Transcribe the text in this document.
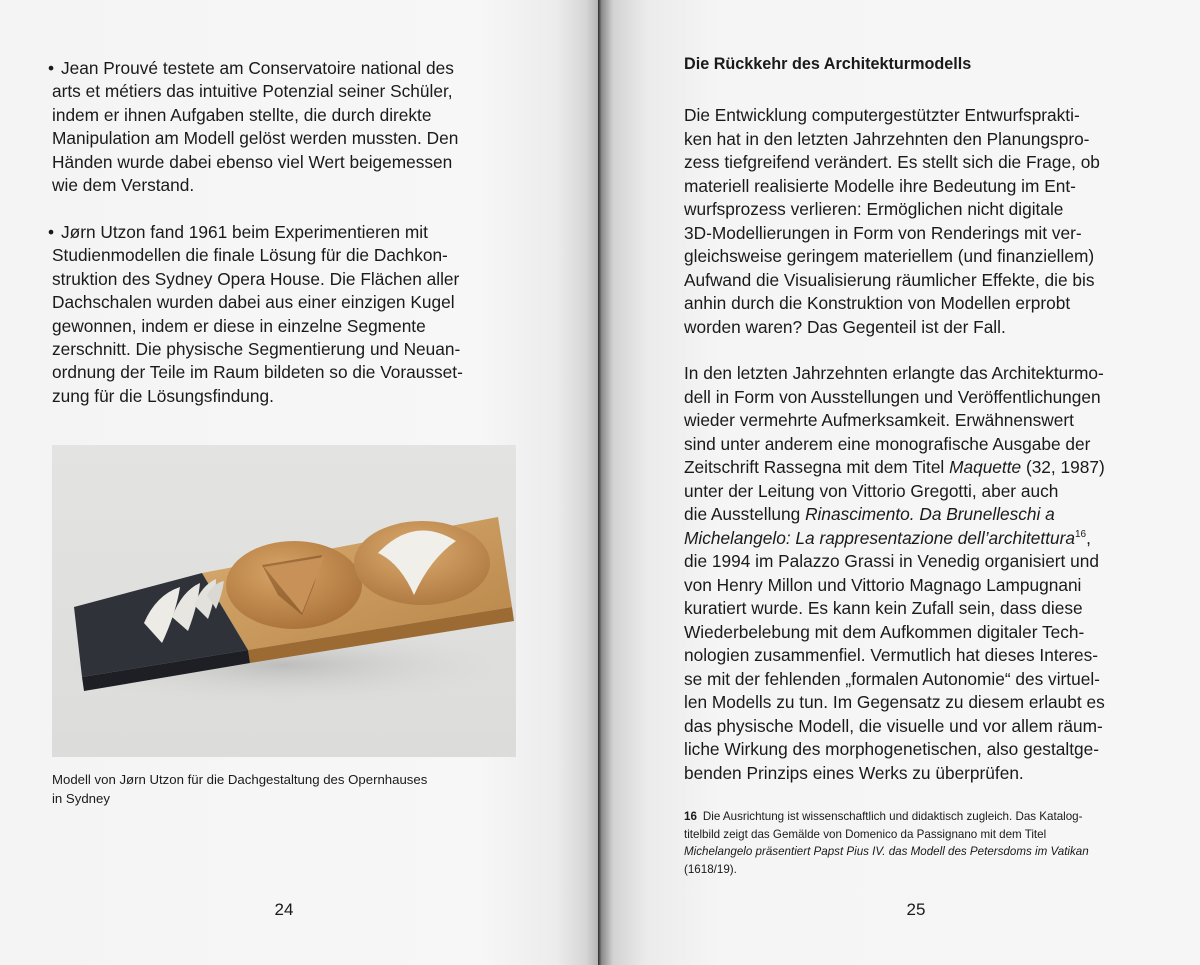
• Jean Prouvé testete am Conservatoire national des
arts et métiers das intuitive Potenzial seiner Schüler,
indem er ihnen Aufgaben stellte, die durch direkte
Manipulation am Modell gelöst werden mussten. Den
Händen wurde dabei ebenso viel Wert beigemessen
wie dem Verstand.

• Jørn Utzon fand 1961 beim Experimentieren mit
Studienmodellen die finale Lösung für die Dachkon-
struktion des Sydney Opera House. Die Flächen aller
Dachschalen wurden dabei aus einer einzigen Kugel
gewonnen, indem er diese in einzelne Segmente
zerschnitt. Die physische Segmentierung und Neuan-
ordnung der Teile im Raum bildeten so die Vorausset-
zung für die Lösungsfindung.

Modell von Jørn Utzon für die Dachgestaltung des Opernhauses
in Sydney

24
Die Rückkehr des Architekturmodells

Die Entwicklung computergestützter Entwurfsprakti-
ken hat in den letzten Jahrzehnten den Planungspro-
zess tiefgreifend verändert. Es stellt sich die Frage, ob
materiell realisierte Modelle ihre Bedeutung im Ent-
wurfsprozess verlieren: Ermöglichen nicht digitale
3D-Modellierungen in Form von Renderings mit ver-
gleichsweise geringem materiellem (und finanziellem)
Aufwand die Visualisierung räumlicher Effekte, die bis
anhin durch die Konstruktion von Modellen erprobt
worden waren? Das Gegenteil ist der Fall.

In den letzten Jahrzehnten erlangte das Architekturmo-
dell in Form von Ausstellungen und Veröffentlichungen
wieder vermehrte Aufmerksamkeit. Erwähnenswert
sind unter anderem eine monografische Ausgabe der
Zeitschrift Rassegna mit dem Titel Maquette (32, 1987)
unter der Leitung von Vittorio Gregotti, aber auch
die Ausstellung Rinascimento. Da Brunelleschi a
Michelangelo: La rappresentazione dell’architettura$^{16}$,
die 1994 im Palazzo Grassi in Venedig organisiert und
von Henry Millon und Vittorio Magnago Lampugnani
kuratiert wurde. Es kann kein Zufall sein, dass diese
Wiederbelebung mit dem Aufkommen digitaler Tech-
nologien zusammenfiel. Vermutlich hat dieses Interes-
se mit der fehlenden „formalen Autonomie“ des virtuel-
len Modells zu tun. Im Gegensatz zu diesem erlaubt es
das physische Modell, die visuelle und vor allem räum-
liche Wirkung des morphogenetischen, also gestaltge-
benden Prinzips eines Werks zu überprüfen.

16 Die Ausrichtung ist wissenschaftlich und didaktisch zugleich. Das Katalog-
titelbild zeigt das Gemälde von Domenico da Passignano mit dem Titel
Michelangelo präsentiert Papst Pius IV. das Modell des Petersdoms im Vatikan
(1618/19).

25
